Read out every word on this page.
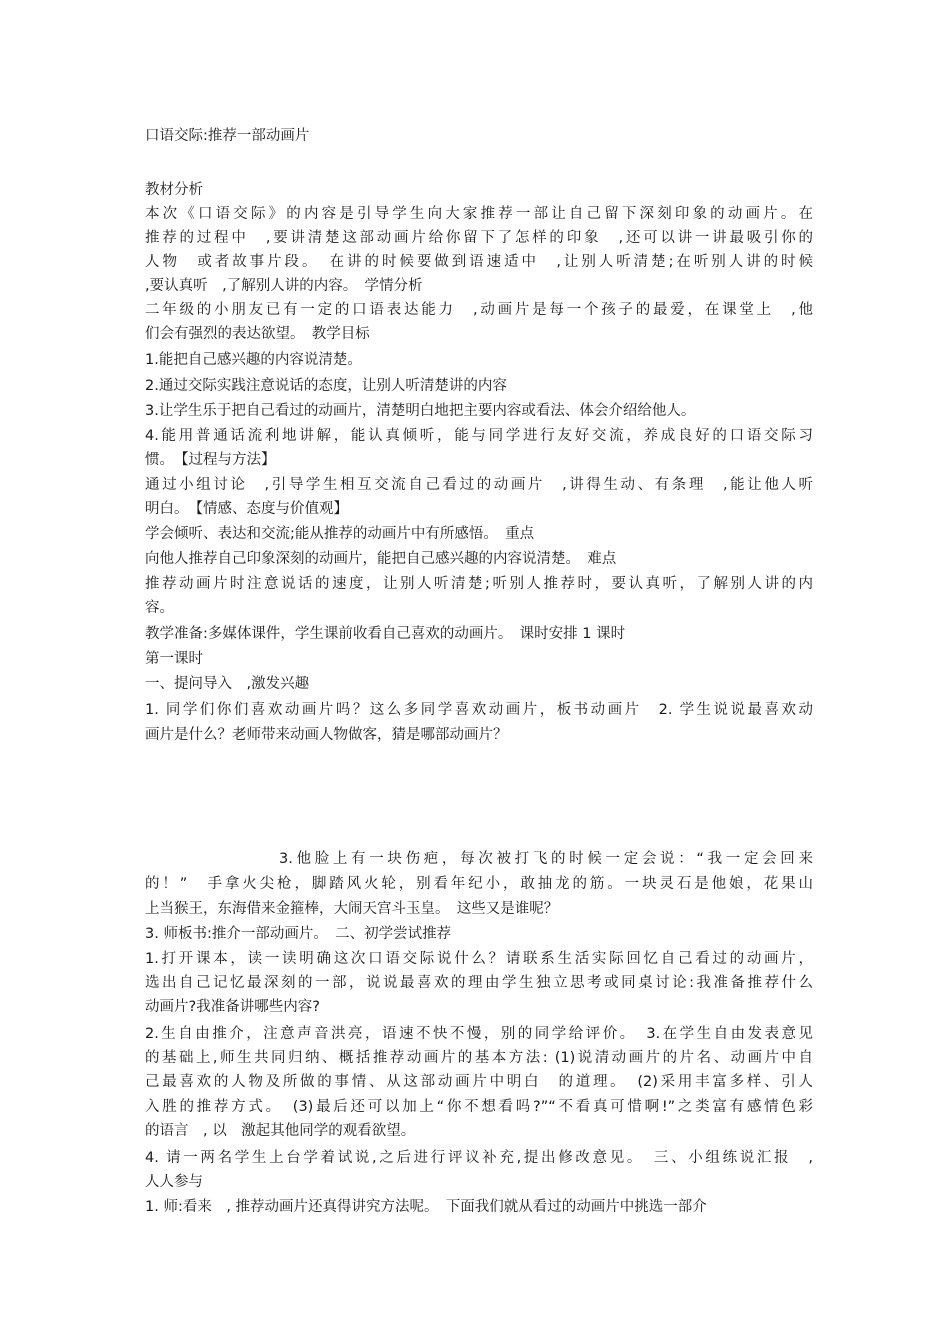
口语交际:推荐一部动画片
教材分析
本次《口语交际》的内容是引导学生向大家推荐一部让自己留下深刻印象的动画片。在
推荐的过程中　,要讲清楚这部动画片给你留下了怎样的印象　,还可以讲一讲最吸引你的
人物　或者故事片段。　在讲的时候要做到语速适中　,让别人听清楚;在听别人讲的时候
,要认真听　,了解别人讲的内容。　学情分析
二年级的小朋友已有一定的口语表达能力　,动画片是每一个孩子的最爱，在课堂上　,他
们会有强烈的表达欲望。　教学目标
1.能把自己感兴趣的内容说清楚。
2.通过交际实践注意说话的态度，让别人听清楚讲的内容
3.让学生乐于把自己看过的动画片，清楚明白地把主要内容或看法、体会介绍给他人。
4.能用普通话流利地讲解，能认真倾听，能与同学进行友好交流，养成良好的口语交际习
惯。　【过程与方法】
通过小组讨论　,引导学生相互交流自己看过的动画片　,讲得生动、有条理　,能让他人听
明白。　【情感、态度与价值观】
学会倾听、表达和交流;能从推荐的动画片中有所感悟。　重点
向他人推荐自己印象深刻的动画片，能把自己感兴趣的内容说清楚。　难点
推荐动画片时注意说话的速度，让别人听清楚;听别人推荐时，要认真听，了解别人讲的内
容。
教学准备:多媒体课件，学生课前收看自己喜欢的动画片。　课时安排 1 课时
第一课时
一、提问导入　,激发兴趣
1. 同学们你们喜欢动画片吗？这么多同学喜欢动画片，板书动画片　2. 学生说说最喜欢动
画片是什么？老师带来动画人物做客，猜是哪部动画片？
3.他脸上有一块伤疤，每次被打飞的时候一定会说：“我一定会回来
的！”　手拿火尖枪，脚踏风火轮，别看年纪小，敢抽龙的筋。一块灵石是他娘，花果山
上当猴王，东海借来金箍棒，大闹天宫斗玉皇。　这些又是谁呢？
3. 师板书:推介一部动画片。　二、初学尝试推荐
1.打开课本，读一读明确这次口语交际说什么？请联系生活实际回忆自己看过的动画片，
选出自己记忆最深刻的一部，说说最喜欢的理由学生独立思考或同桌讨论:我准备推荐什么
动画片?我准备讲哪些内容?
2.生自由推介，注意声音洪亮，语速不快不慢，别的同学给评价。　3.在学生自由发表意见
的基础上,师生共同归纳、概括推荐动画片的基本方法: (1)说清动画片的片名、动画片中自
己最喜欢的人物及所做的事情、从这部动画片中明白　的道理。　(2)采用丰富多样、引人
入胜的推荐方式。　(3)最后还可以加上“你不想看吗?”“不看真可惜啊!”之类富有感情色彩
的语言　, 以　激起其他同学的观看欲望。
4. 请一两名学生上台学着试说,之后进行评议补充,提出修改意见。　三、小组练说汇报　,
人人参与
1. 师:看来　, 推荐动画片还真得讲究方法呢。　下面我们就从看过的动画片中挑选一部介
